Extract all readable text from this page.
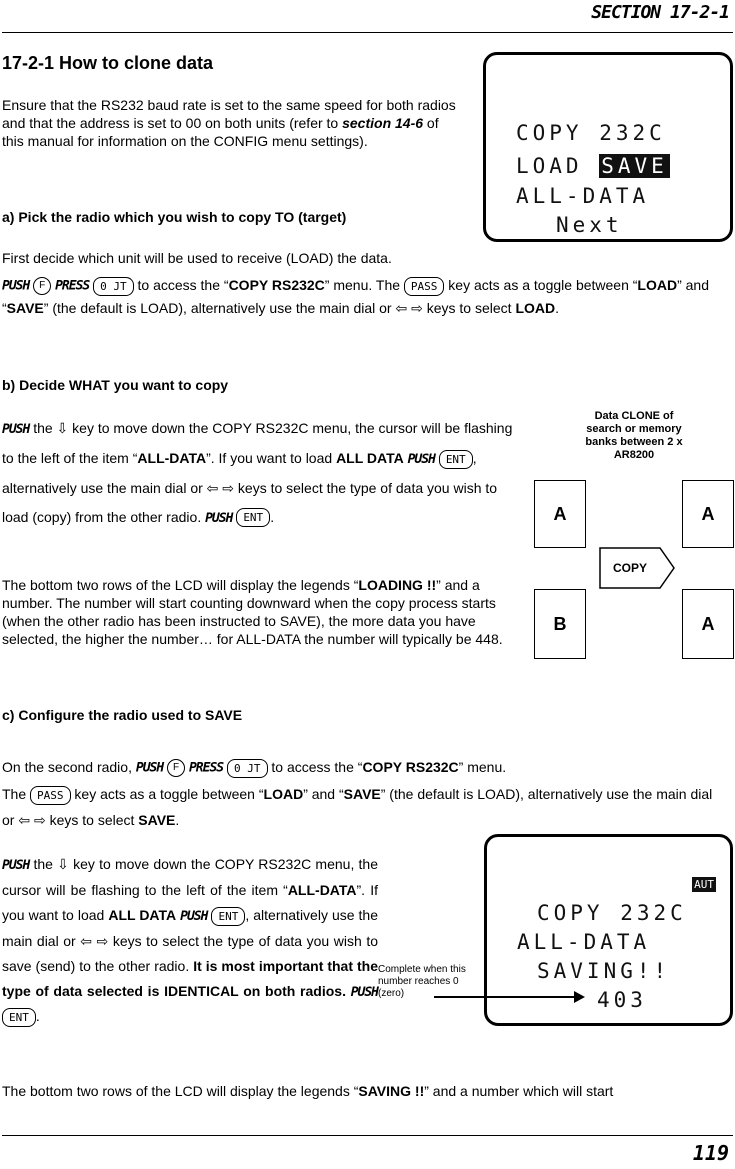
SECTION 17-2-1
17-2-1 How to clone data

Ensure that the RS232 baud rate is set to the same speed for both radios and that the address is set to 00 on both units (refer to section 14-6 of this manual for information on the CONFIG menu settings).

a) Pick the radio which you wish to copy TO (target)

First decide which unit will be used to receive (LOAD) the data.

PUSH F PRESS 0 JT to access the “COPY RS232C” menu. The PASS key acts as a toggle between “LOAD” and “SAVE” (the default is LOAD), alternatively use the main dial or ⇦ ⇨ keys to select LOAD.

COPY 232C
LOAD SAVE
ALL-DATA
Next

b) Decide WHAT you want to copy

PUSH the ⇩ key to move down the COPY RS232C menu, the cursor will be flashing to the left of the item “ALL-DATA”. If you want to load ALL DATA PUSH ENT , alternatively use the main dial or ⇦ ⇨ keys to select the type of data you wish to load (copy) from the other radio. PUSH ENT .

The bottom two rows of the LCD will display the legends “LOADING !!” and a number. The number will start counting downward when the copy process starts (when the other radio has been instructed to SAVE), the more data you have selected, the higher the number… for ALL-DATA the number will typically be 448.

Data CLONE of search or memory banks between 2 x AR8200
A	A
B	A
COPY

c) Configure the radio used to SAVE

On the second radio, PUSH F PRESS 0 JT to access the “COPY RS232C” menu.
The PASS key acts as a toggle between “LOAD” and “SAVE” (the default is LOAD), alternatively use the main dial or ⇦ ⇨ keys to select SAVE.

PUSH the ⇩ key to move down the COPY RS232C menu, the cursor will be flashing to the left of the item “ALL-DATA”. If you want to load ALL DATA PUSH ENT , alternatively use the main dial or ⇦ ⇨ keys to select the type of data you wish to save (send) to the other radio. It is most important that the type of data selected is IDENTICAL on both radios. PUSH ENT .

AUT
COPY 232C
ALL-DATA
SAVING!!
403
Complete when this number reaches 0 (zero)

The bottom two rows of the LCD will display the legends “SAVING !!” and a number which will start

119
